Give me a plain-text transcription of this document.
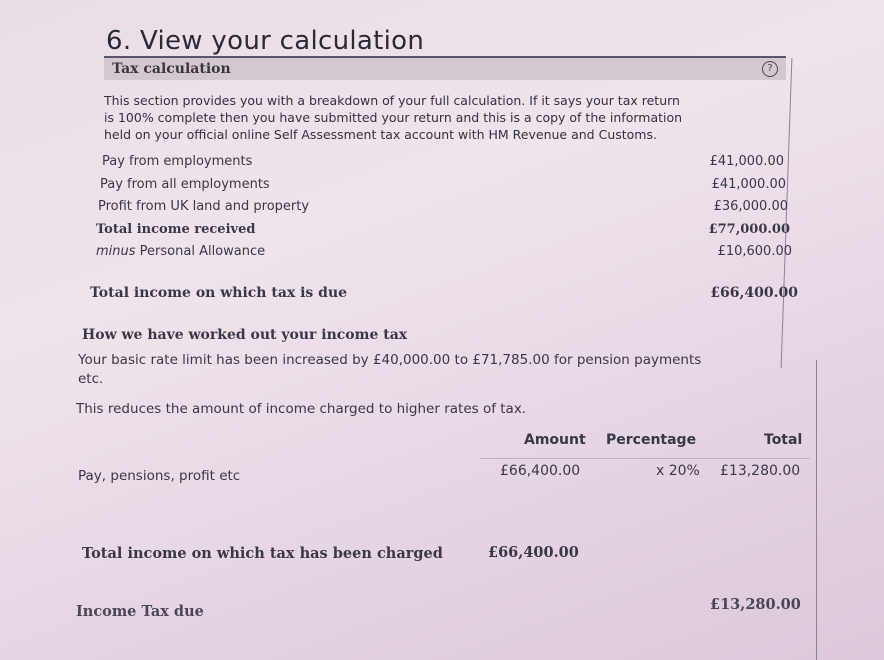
6. View your calculation
Tax calculation	?
This section provides you with a breakdown of your full calculation. If it says your tax return
is 100% complete then you have submitted your return and this is a copy of the information
held on your official online Self Assessment tax account with HM Revenue and Customs.
Pay from employments	£41,000.00
Pay from all employments	£41,000.00
Profit from UK land and property	£36,000.00
Total income received	£77,000.00
minus Personal Allowance	£10,600.00
Total income on which tax is due	£66,400.00
How we have worked out your income tax
Your basic rate limit has been increased by £40,000.00 to £71,785.00 for pension payments
etc.
This reduces the amount of income charged to higher rates of tax.
Amount Percentage	Total
Pay, pensions, profit etc	£66,400.00	x 20% £13,280.00
Total income on which tax has been charged	£66,400.00
Income Tax due	£13,280.00
